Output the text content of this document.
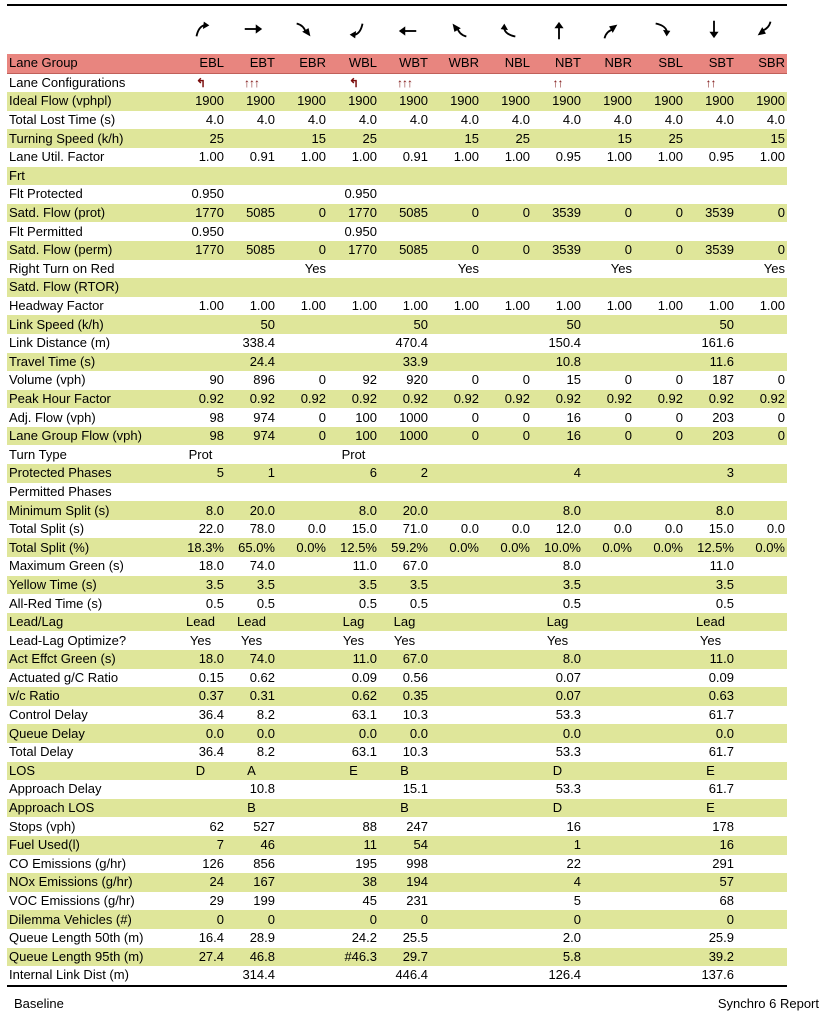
Lane Group	EBL	EBT	EBR	WBL	WBT	WBR	NBL	NBT	NBR	SBL	SBT	SBR
Lane Configurations	↰	↑↑↑		↰	↑↑↑			↑↑			↑↑	
Ideal Flow (vphpl)	1900	1900	1900	1900	1900	1900	1900	1900	1900	1900	1900	1900
Total Lost Time (s)	4.0	4.0	4.0	4.0	4.0	4.0	4.0	4.0	4.0	4.0	4.0	4.0
Turning Speed (k/h)	25		15	25		15	25		15	25		15
Lane Util. Factor	1.00	0.91	1.00	1.00	0.91	1.00	1.00	0.95	1.00	1.00	0.95	1.00
Frt												
Flt Protected	0.950			0.950								
Satd. Flow (prot)	1770	5085	0	1770	5085	0	0	3539	0	0	3539	0
Flt Permitted	0.950			0.950								
Satd. Flow (perm)	1770	5085	0	1770	5085	0	0	3539	0	0	3539	0
Right Turn on Red			Yes			Yes			Yes			Yes
Satd. Flow (RTOR)												
Headway Factor	1.00	1.00	1.00	1.00	1.00	1.00	1.00	1.00	1.00	1.00	1.00	1.00
Link Speed (k/h)		50			50			50			50	
Link Distance (m)		338.4			470.4			150.4			161.6	
Travel Time (s)		24.4			33.9			10.8			11.6	
Volume (vph)	90	896	0	92	920	0	0	15	0	0	187	0
Peak Hour Factor	0.92	0.92	0.92	0.92	0.92	0.92	0.92	0.92	0.92	0.92	0.92	0.92
Adj. Flow (vph)	98	974	0	100	1000	0	0	16	0	0	203	0
Lane Group Flow (vph)	98	974	0	100	1000	0	0	16	0	0	203	0
Turn Type	Prot			Prot								
Protected Phases	5	1		6	2			4			3	
Permitted Phases												
Minimum Split (s)	8.0	20.0		8.0	20.0			8.0			8.0	
Total Split (s)	22.0	78.0	0.0	15.0	71.0	0.0	0.0	12.0	0.0	0.0	15.0	0.0
Total Split (%)	18.3%	65.0%	0.0%	12.5%	59.2%	0.0%	0.0%	10.0%	0.0%	0.0%	12.5%	0.0%
Maximum Green (s)	18.0	74.0		11.0	67.0			8.0			11.0	
Yellow Time (s)	3.5	3.5		3.5	3.5			3.5			3.5	
All-Red Time (s)	0.5	0.5		0.5	0.5			0.5			0.5	
Lead/Lag	Lead	Lead		Lag	Lag			Lag			Lead	
Lead-Lag Optimize?	Yes	Yes		Yes	Yes			Yes			Yes	
Act Effct Green (s)	18.0	74.0		11.0	67.0			8.0			11.0	
Actuated g/C Ratio	0.15	0.62		0.09	0.56			0.07			0.09	
v/c Ratio	0.37	0.31		0.62	0.35			0.07			0.63	
Control Delay	36.4	8.2		63.1	10.3			53.3			61.7	
Queue Delay	0.0	0.0		0.0	0.0			0.0			0.0	
Total Delay	36.4	8.2		63.1	10.3			53.3			61.7	
LOS	D	A		E	B			D			E	
Approach Delay		10.8			15.1			53.3			61.7	
Approach LOS		B			B			D			E	
Stops (vph)	62	527		88	247			16			178	
Fuel Used(l)	7	46		11	54			1			16	
CO Emissions (g/hr)	126	856		195	998			22			291	
NOx Emissions (g/hr)	24	167		38	194			4			57	
VOC Emissions (g/hr)	29	199		45	231			5			68	
Dilemma Vehicles (#)	0	0		0	0			0			0	
Queue Length 50th (m)	16.4	28.9		24.2	25.5			2.0			25.9	
Queue Length 95th (m)	27.4	46.8		#46.3	29.7			5.8			39.2	
Internal Link Dist (m)		314.4			446.4			126.4			137.6	
Baseline	Synchro 6 Report
